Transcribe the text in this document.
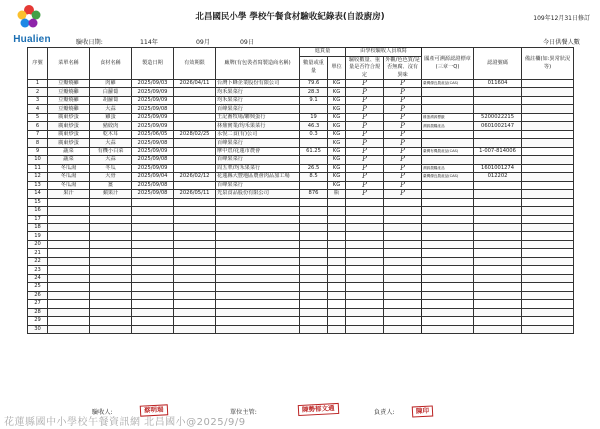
Hualien
北昌國民小學 學校午餐食材驗收紀錄表(自設廚房)	109年12月31日修訂
驗收日期:	114年	09月	09日	今日供餐人數
序號	菜單名稱	食材名稱	製造日期	有效期限	廠牌(有包裝者寫製造商名稱)	進貨量		由學校驗收人員填寫		國產可溯源認證標章(三章一Q)	認證號碼	備註欄(如:異常狀況等)
						數量或重量	單位	驗收數量、重量是否符合規定	外觀/色色質/是否無腐、沒有異味			

1	豆瓣燒雞	肉雞	2025/09/03	2026/04/11	台灣卜蜂企業股份有限公司	79.6	KG	P	P	臺灣優良農產品(CAS)	011604	
2	豆瓣燒雞	白蘿蔔	2025/09/09		均禾果菜行	28.3	KG	P	P			
3	豆瓣燒雞	胡蘿蔔	2025/09/09		均禾果菜行	9.1	KG	P	P			
4	豆瓣燒雞	大蒜	2025/09/08		百峰果菜行		KG	P	P			
5	廣東炒蛋	雞蛋	2025/09/09		王記畜牧場/聯興蛋行	19	KG	P	P	雞蛋溯源標籤	5200022215	
6	廣東炒蛋	豬絞肉	2025/09/09		林鼎實業/均禾果菜行	46.3	KG	P	P	溯源農糧產品	0601002147	
7	廣東炒蛋	乾木耳	2025/06/05	2028/02/25	永悅二食(有)公司	0.3	KG	P	P			
8	廣東炒蛋	大蒜	2025/09/08		百峰果菜行		KG	P	P			
9	蔬菜	有機小白菜	2025/09/09		摩中倉/花蓮市農會	61.25	KG	P	P	臺灣有機農產品(CAS)	1-007-814006	
10	蔬菜	大蒜	2025/09/08		百峰果菜行		KG	P	P			
11	冬瓜湯	冬瓜	2025/09/09		周五華/均禾果菜行	26.5	KG	P	P	溯源農糧產品	1601001274	
12	冬瓜湯	大骨	2025/09/04	2026/02/12	花蓮縣大豐地區農會肉品加工場	8.5	KG	P	P	臺灣優良農產品(CAS)	012202	
13	冬瓜湯	薑	2025/09/08		百峰果菜行		KG	P	P			
14	果汁	蘋果汁	2025/09/08	2026/05/11	光泉食品股份有限公司	876	瓶	P	P			
15												
16												
17												
18												
19												
20												
21												
22												
23												
24												
25												
26												
27												
28												
29												
30												
驗收人:	蔡明瑞	單位主管:	陳勢郁文通	負責人:	陳印
花蓮縣國中小學校午餐資訊網 北昌國小@2025/9/9
